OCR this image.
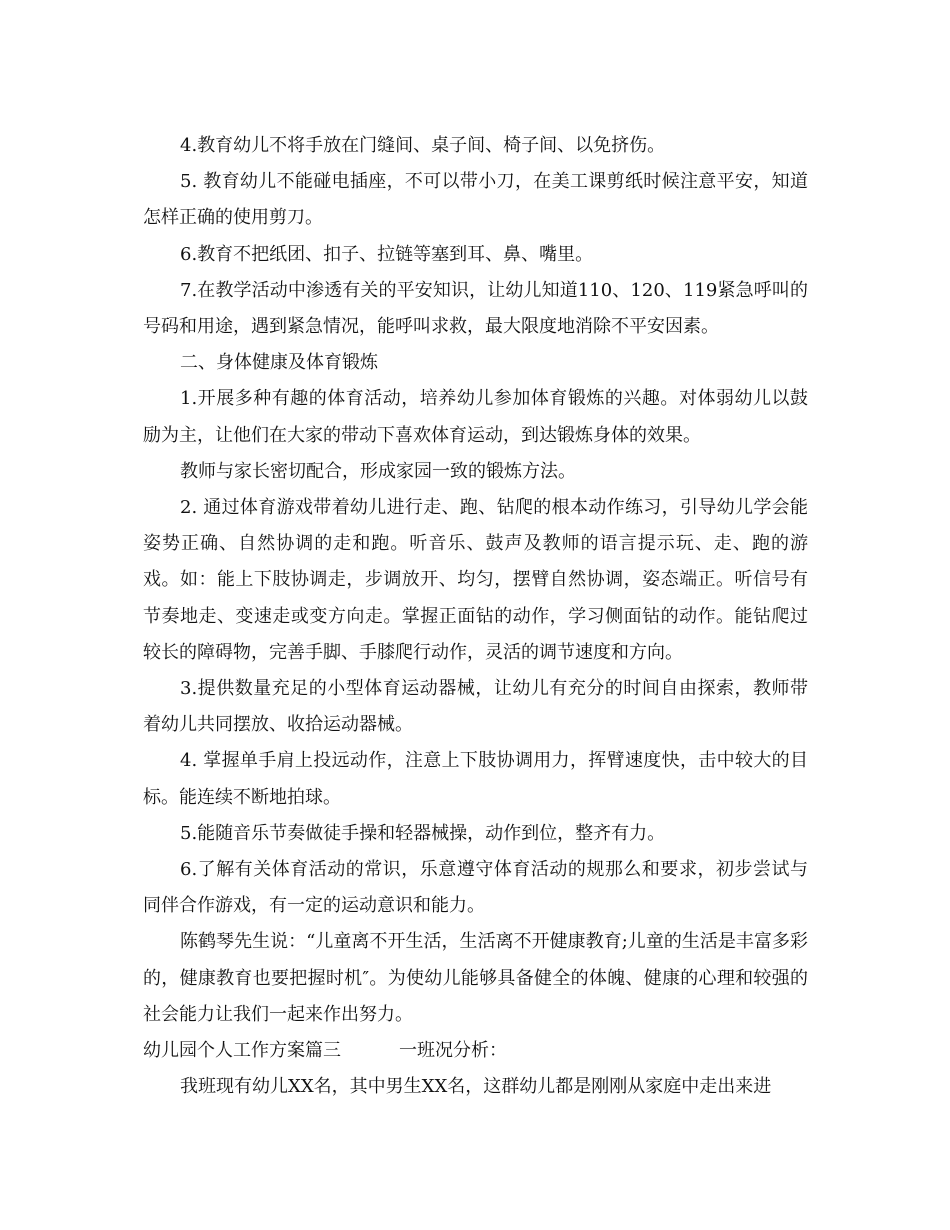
4.教育幼儿不将手放在门缝间、桌子间、椅子间、以免挤伤。

5. 教育幼儿不能碰电插座，不可以带小刀，在美工课剪纸时候注意平安，知道怎样正确的使用剪刀。

6.教育不把纸团、扣子、拉链等塞到耳、鼻、嘴里。

7.在教学活动中渗透有关的平安知识，让幼儿知道110、120、119紧急呼叫的号码和用途，遇到紧急情况，能呼叫求救，最大限度地消除不平安因素。

二、身体健康及体育锻炼

1.开展多种有趣的体育活动，培养幼儿参加体育锻炼的兴趣。对体弱幼儿以鼓励为主，让他们在大家的带动下喜欢体育运动，到达锻炼身体的效果。

教师与家长密切配合，形成家园一致的锻炼方法。

2. 通过体育游戏带着幼儿进行走、跑、钻爬的根本动作练习，引导幼儿学会能姿势正确、自然协调的走和跑。听音乐、鼓声及教师的语言提示玩、走、跑的游戏。如：能上下肢协调走，步调放开、均匀，摆臂自然协调，姿态端正。听信号有节奏地走、变速走或变方向走。掌握正面钻的动作，学习侧面钻的动作。能钻爬过较长的障碍物，完善手脚、手膝爬行动作，灵活的调节速度和方向。

3.提供数量充足的小型体育运动器械，让幼儿有充分的时间自由探索，教师带着幼儿共同摆放、收拾运动器械。

4. 掌握单手肩上投远动作，注意上下肢协调用力，挥臂速度快，击中较大的目标。能连续不断地拍球。

5.能随音乐节奏做徒手操和轻器械操，动作到位，整齐有力。

6.了解有关体育活动的常识，乐意遵守体育活动的规那么和要求，初步尝试与同伴合作游戏，有一定的运动意识和能力。

陈鹤琴先生说：“儿童离不开生活，生活离不开健康教育;儿童的生活是丰富多彩的，健康教育也要把握时机″。为使幼儿能够具备健全的体魄、健康的心理和较强的社会能力让我们一起来作出努力。

幼儿园个人工作方案篇三	一班况分析：

我班现有幼儿XX名，其中男生XX名，这群幼儿都是刚刚从家庭中走出来进
